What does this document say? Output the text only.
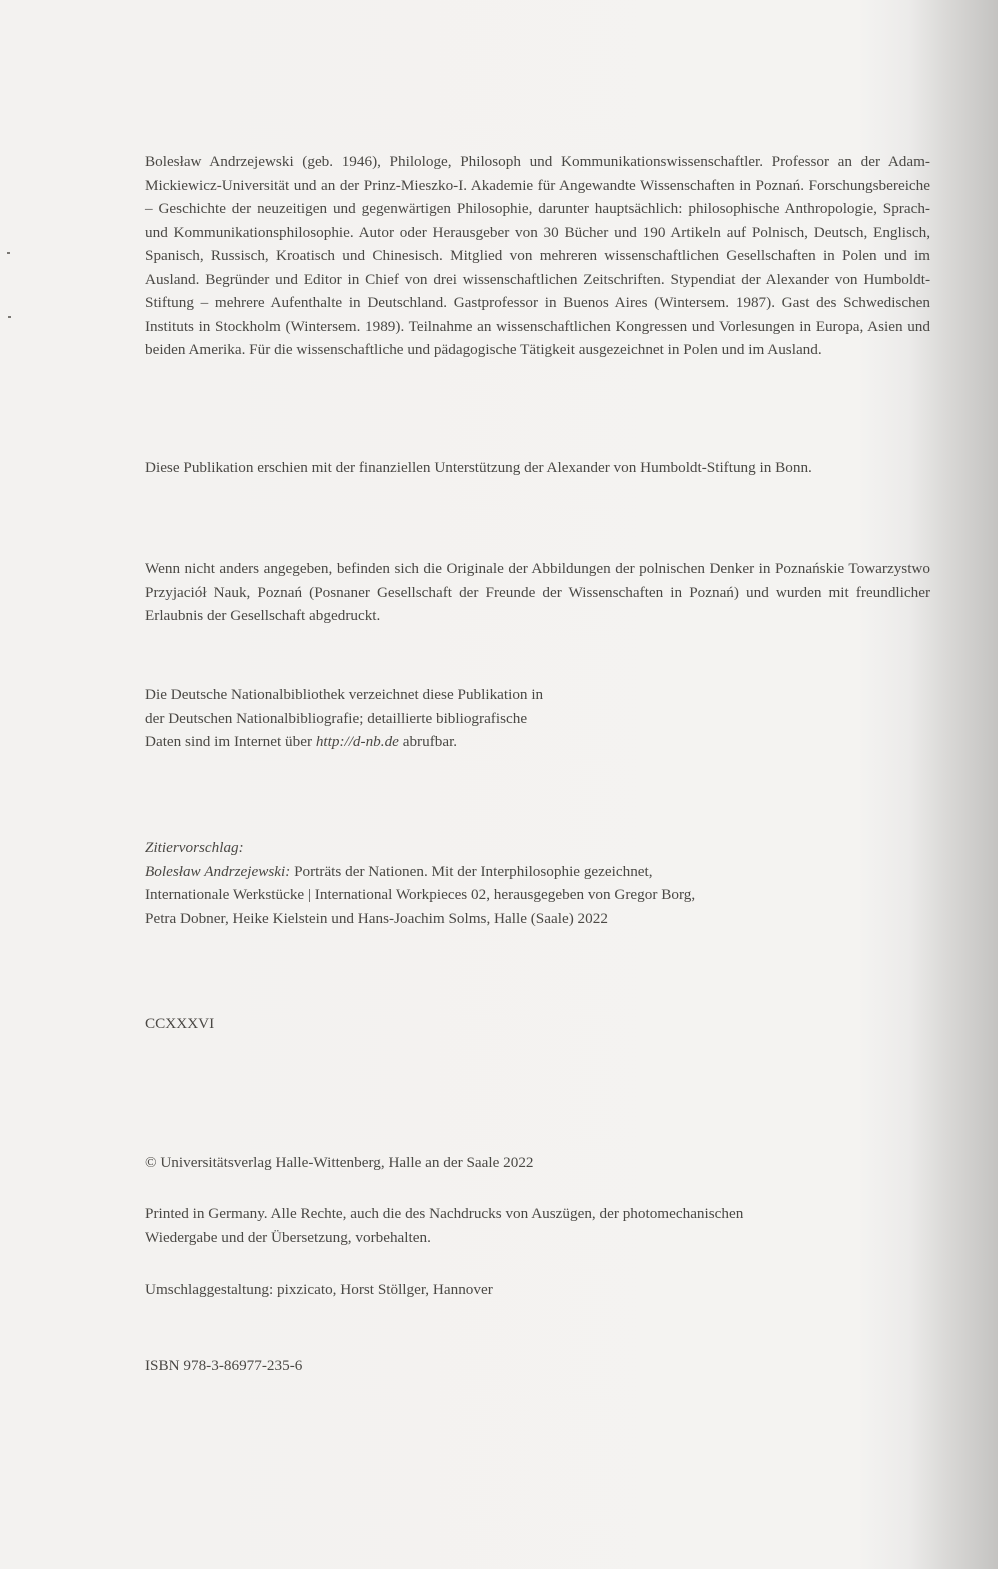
Bolesław Andrzejewski (geb. 1946), Philologe, Philosoph und Kommunikationswissenschaftler. Professor an der Adam-Mickiewicz-Universität und an der Prinz-Mieszko-I. Akademie für Angewandte Wissenschaften in Poznań. Forschungsbereiche – Geschichte der neuzeitigen und gegenwärtigen Philosophie, darunter hauptsächlich: philosophische Anthropologie, Sprach- und Kommunikationsphilosophie. Autor oder Herausgeber von 30 Bücher und 190 Artikeln auf Polnisch, Deutsch, Englisch, Spanisch, Russisch, Kroatisch und Chinesisch. Mitglied von mehreren wissenschaftlichen Gesellschaften in Polen und im Ausland. Begründer und Editor in Chief von drei wissenschaftlichen Zeitschriften. Stypendiat der Alexander von Humboldt-Stiftung – mehrere Aufenthalte in Deutschland. Gastprofessor in Buenos Aires (Wintersem. 1987). Gast des Schwedischen Instituts in Stockholm (Wintersem. 1989). Teilnahme an wissenschaftlichen Kongressen und Vorlesungen in Europa, Asien und beiden Amerika. Für die wissenschaftliche und pädagogische Tätigkeit ausgezeichnet in Polen und im Ausland.

Diese Publikation erschien mit der finanziellen Unterstützung der Alexander von Humboldt-Stiftung in Bonn.

Wenn nicht anders angegeben, befinden sich die Originale der Abbildungen der polnischen Denker in Poznańskie Towarzystwo Przyjaciół Nauk, Poznań (Posnaner Gesellschaft der Freunde der Wissenschaften in Poznań) und wurden mit freundlicher Erlaubnis der Gesellschaft abgedruckt.

Die Deutsche Nationalbibliothek verzeichnet diese Publikation in
der Deutschen Nationalbibliografie; detaillierte bibliografische
Daten sind im Internet über http://d-nb.de abrufbar.
Zitiervorschlag:
Bolesław Andrzejewski: Porträts der Nationen. Mit der Interphilosophie gezeichnet,
Internationale Werkstücke | International Workpieces 02, herausgegeben von Gregor Borg,
Petra Dobner, Heike Kielstein und Hans-Joachim Solms, Halle (Saale) 2022
CCXXXVI
© Universitätsverlag Halle-Wittenberg, Halle an der Saale 2022
Printed in Germany. Alle Rechte, auch die des Nachdrucks von Auszügen, der photomechanischen
Wiedergabe und der Übersetzung, vorbehalten.
Umschlaggestaltung: pixzicato, Horst Stöllger, Hannover
ISBN 978-3-86977-235-6
